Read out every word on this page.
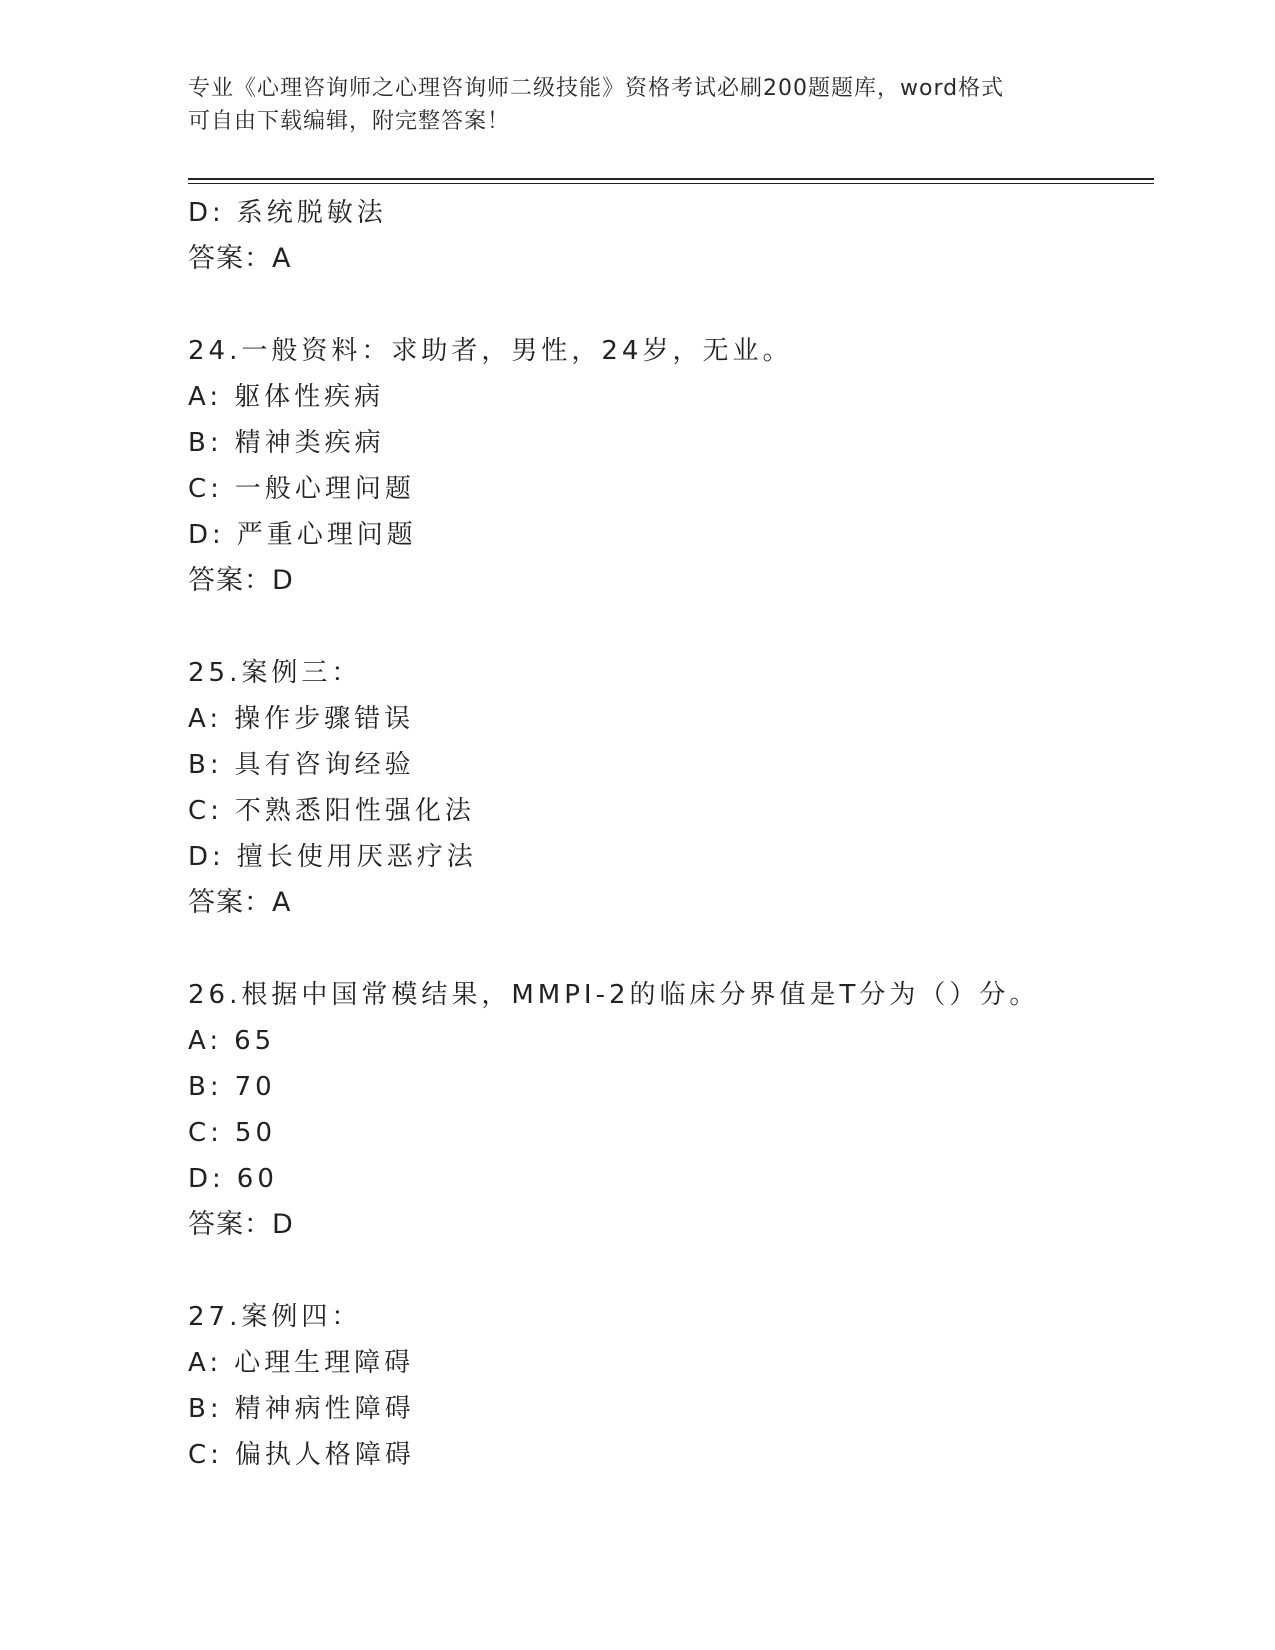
专业《心理咨询师之心理咨询师二级技能》资格考试必刷200题题库，word格式
可自由下载编辑，附完整答案！
D: 系统脱敏法
答案：A
24.一般资料：求助者，男性，24岁，无业。
A: 躯体性疾病
B: 精神类疾病
C: 一般心理问题
D: 严重心理问题
答案：D
25.案例三：
A: 操作步骤错误
B: 具有咨询经验
C: 不熟悉阳性强化法
D: 擅长使用厌恶疗法
答案：A
26.根据中国常模结果，MMPI-2的临床分界值是T分为（）分。
A: 65
B: 70
C: 50
D: 60
答案：D
27.案例四：
A: 心理生理障碍
B: 精神病性障碍
C: 偏执人格障碍
